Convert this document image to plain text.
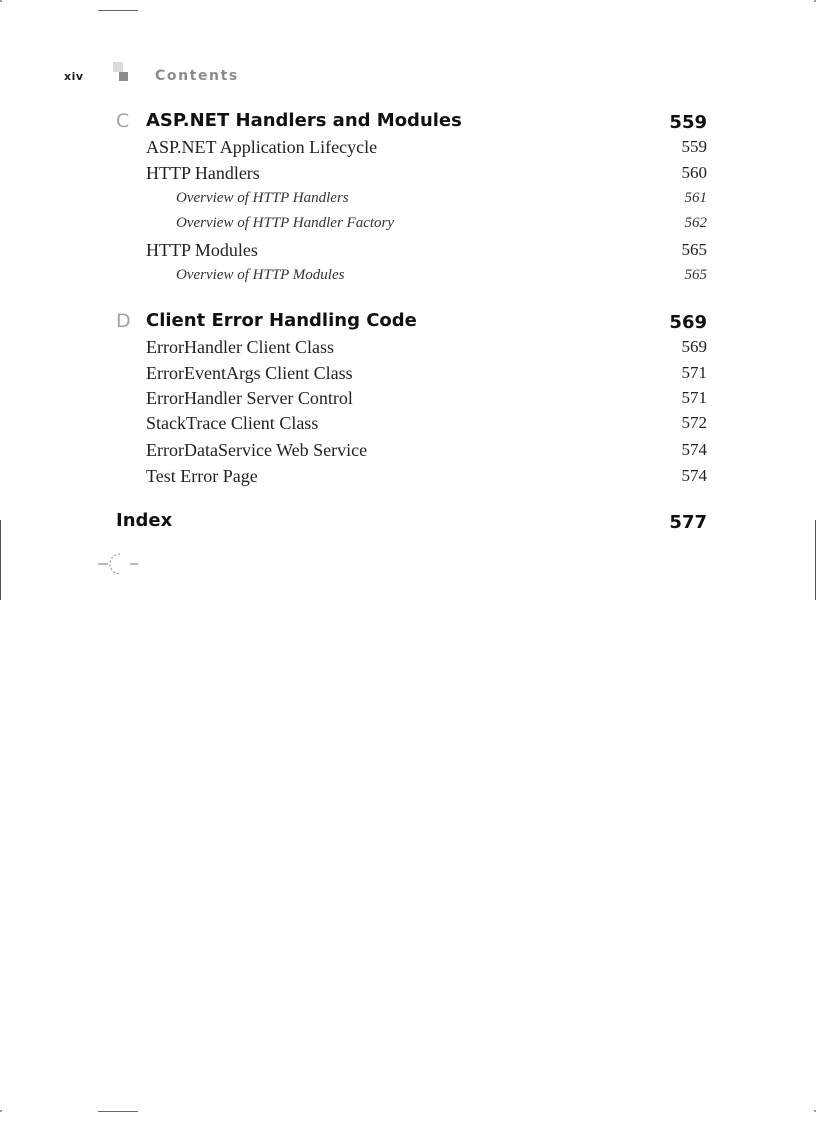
xiv	Contents
C ASP.NET Handlers and Modules	559
ASP.NET Application Lifecycle	559
HTTP Handlers	560
Overview of HTTP Handlers	561
Overview of HTTP Handler Factory	562
HTTP Modules	565
Overview of HTTP Modules	565
D Client Error Handling Code	569
ErrorHandler Client Class	569
ErrorEventArgs Client Class	571
ErrorHandler Server Control	571
StackTrace Client Class	572
ErrorDataService Web Service	574
Test Error Page	574
Index	577
